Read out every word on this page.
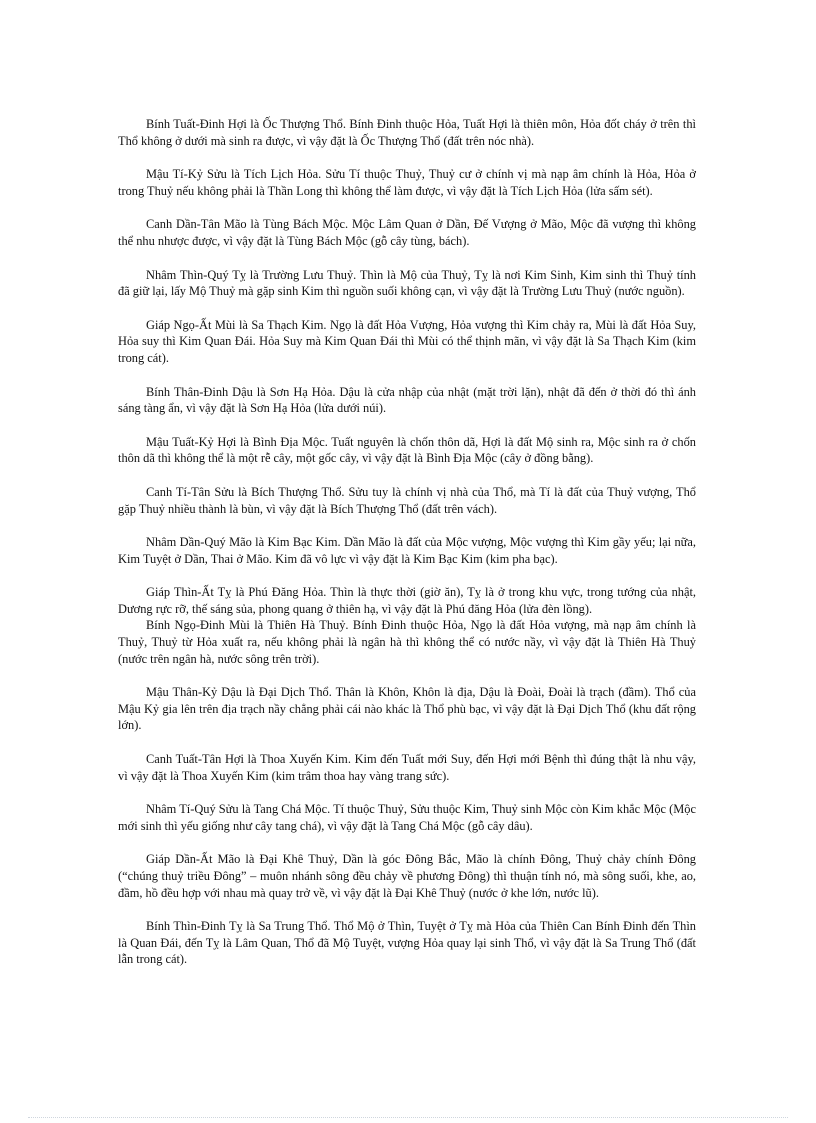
Bính Tuất-Đinh Hợi là Ốc Thượng Thổ. Bính Đinh thuộc Hỏa, Tuất Hợi là thiên môn, Hỏa đốt cháy ở trên thì Thổ không ở dưới mà sinh ra được, vì vậy đặt là Ốc Thượng Thổ (đất trên nóc nhà).

Mậu Tí-Kỷ Sửu là Tích Lịch Hỏa. Sửu Tí thuộc Thuỷ, Thuỷ cư ở chính vị mà nạp âm chính là Hỏa, Hỏa ở trong Thuỷ nếu không phải là Thần Long thì không thể làm được, vì vậy đặt là Tích Lịch Hỏa (lửa sấm sét).

Canh Dần-Tân Mão là Tùng Bách Mộc. Mộc Lâm Quan ở Dần, Đế Vượng ở Mão, Mộc đã vượng thì không thể nhu nhược được, vì vậy đặt là Tùng Bách Mộc (gỗ cây tùng, bách).

Nhâm Thìn-Quý Tỵ là Trường Lưu Thuỷ. Thìn là Mộ của Thuỷ, Tỵ là nơi Kim Sinh, Kim sinh thì Thuỷ tính đã giữ lại, lấy Mộ Thuỷ mà gặp sinh Kim thì nguồn suối không cạn, vì vậy đặt là Trường Lưu Thuỷ (nước nguồn).

Giáp Ngọ-Ất Mùi là Sa Thạch Kim. Ngọ là đất Hỏa Vượng, Hỏa vượng thì Kim chảy ra, Mùi là đất Hỏa Suy, Hỏa suy thì Kim Quan Đái. Hỏa Suy mà Kim Quan Đái thì Mùi có thể thịnh mãn, vì vậy đặt là Sa Thạch Kim (kim trong cát).

Bính Thân-Đinh Dậu là Sơn Hạ Hỏa. Dậu là cửa nhập của nhật (mặt trời lặn), nhật đã đến ở thời đó thì ánh sáng tàng ẩn, vì vậy đặt là Sơn Hạ Hỏa (lửa dưới núi).

Mậu Tuất-Kỷ Hợi là Bình Địa Mộc. Tuất nguyên là chốn thôn dã, Hợi là đất Mộ sinh ra, Mộc sinh ra ở chốn thôn dã thì không thể là một rễ cây, một gốc cây, vì vậy đặt là Bình Địa Mộc (cây ở đồng bằng).

Canh Tí-Tân Sửu là Bích Thượng Thổ. Sửu tuy là chính vị nhà của Thổ, mà Tí là đất của Thuỷ vượng, Thổ gặp Thuỷ nhiều thành là bùn, vì vậy đặt là Bích Thượng Thổ (đất trên vách).

Nhâm Dần-Quý Mão là Kim Bạc Kim. Dần Mão là đất của Mộc vượng, Mộc vượng thì Kim gầy yếu; lại nữa, Kim Tuyệt ở Dần, Thai ở Mão. Kim đã vô lực vì vậy đặt là Kim Bạc Kim (kim pha bạc).

Giáp Thìn-Ất Tỵ là Phú Đăng Hỏa. Thìn là thực thời (giờ ăn), Tỵ là ở trong khu vực, trong tướng của nhật, Dương rực rỡ, thế sáng sủa, phong quang ở thiên hạ, vì vậy đặt là Phú đăng Hỏa (lửa đèn lồng).

Bính Ngọ-Đinh Mùi là Thiên Hà Thuỷ. Bính Đinh thuộc Hỏa, Ngọ là đất Hỏa vượng, mà nạp âm chính là Thuỷ, Thuỷ từ Hỏa xuất ra, nếu không phải là ngân hà thì không thể có nước nầy, vì vậy đặt là Thiên Hà Thuỷ (nước trên ngân hà, nước sông trên trời).

Mậu Thân-Kỷ Dậu là Đại Dịch Thổ. Thân là Khôn, Khôn là địa, Dậu là Đoài, Đoài là trạch (đầm). Thổ của Mậu Kỷ gia lên trên địa trạch nầy chẳng phải cái nào khác là Thổ phù bạc, vì vậy đặt là Đại Dịch Thổ (khu đất rộng lớn).

Canh Tuất-Tân Hợi là Thoa Xuyến Kim. Kim đến Tuất mới Suy, đến Hợi mới Bệnh thì đúng thật là nhu vậy, vì vậy đặt là Thoa Xuyến Kim (kim trâm thoa hay vàng trang sức).

Nhâm Tí-Quý Sửu là Tang Chá Mộc. Tí thuộc Thuỷ, Sửu thuộc Kim, Thuỷ sinh Mộc còn Kim khắc Mộc (Mộc mới sinh thì yếu giống như cây tang chá), vì vậy đặt là Tang Chá Mộc (gỗ cây dâu).

Giáp Dần-Ất Mão là Đại Khê Thuỷ, Dần là góc Đông Bắc, Mão là chính Đông, Thuỷ chảy chính Đông (“chúng thuỷ triều Đông” – muôn nhánh sông đều chảy về phương Đông) thì thuận tính nó, mà sông suối, khe, ao, đầm, hồ đều hợp với nhau mà quay trở về, vì vậy đặt là Đại Khê Thuỷ (nước ở khe lớn, nước lũ).

Bính Thìn-Đinh Tỵ là Sa Trung Thổ. Thổ Mộ ở Thìn, Tuyệt ở Tỵ mà Hỏa của Thiên Can Bính Đinh đến Thìn là Quan Đái, đến Tỵ là Lâm Quan, Thổ đã Mộ Tuyệt, vượng Hỏa quay lại sinh Thổ, vì vậy đặt là Sa Trung Thổ (đất lẫn trong cát).
